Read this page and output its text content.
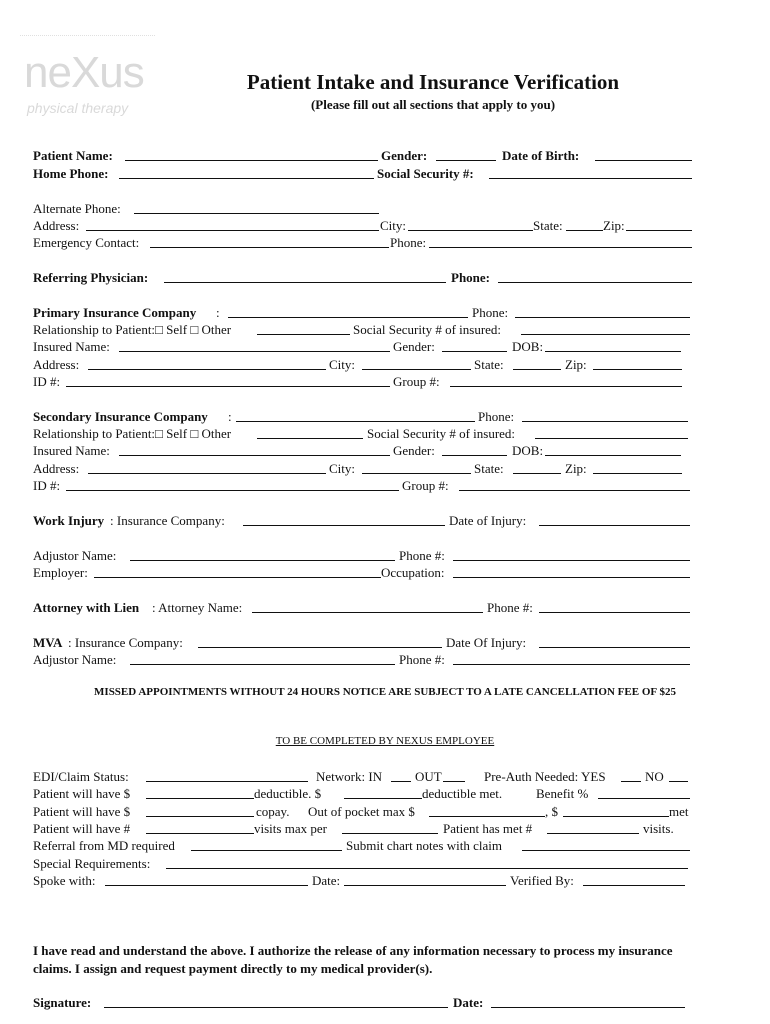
neXus
physical therapy
Patient Intake and Insurance Verification
(Please fill out all sections that apply to you)
Patient Name:	Gender:	Date of Birth:
Home Phone:	Social Security #:
Alternate Phone:
Address:	City:	State:	Zip:
Emergency Contact:	Phone:
Referring Physician:	Phone:
Primary Insurance Company :	Phone:
Relationship to Patient:□ Self □ Other	Social Security # of insured:
Insured Name:	Gender:	DOB:
Address:	City:	State:	Zip:
ID #:	Group #:
Secondary Insurance Company :	Phone:
Relationship to Patient:□ Self □ Other	Social Security # of insured:
Insured Name:	Gender:	DOB:
Address:	City:	State:	Zip:
ID #:	Group #:
Work Injury : Insurance Company:	Date of Injury:
Adjustor Name:	Phone #:
Employer:	Occupation:
Attorney with Lien : Attorney Name:	Phone #:
MVA : Insurance Company:	Date Of Injury:
Adjustor Name:	Phone #:
MISSED APPOINTMENTS WITHOUT 24 HOURS NOTICE ARE SUBJECT TO A LATE CANCELLATION FEE OF $25
TO BE COMPLETED BY NEXUS EMPLOYEE
EDI/Claim Status:	Network: IN	OUT	Pre-Auth Needed: YES	NO
Patient will have $	deductible. $	deductible met.	Benefit %
Patient will have $	copay. Out of pocket max $	, $	met
Patient will have #	visits max per	Patient has met #	visits.
Referral from MD required	Submit chart notes with claim
Special Requirements:
Spoke with:	Date:	Verified By:
I have read and understand the above. I authorize the release of any information necessary to process my insurance claims. I assign and request payment directly to my medical provider(s).
Signature:	Date:
